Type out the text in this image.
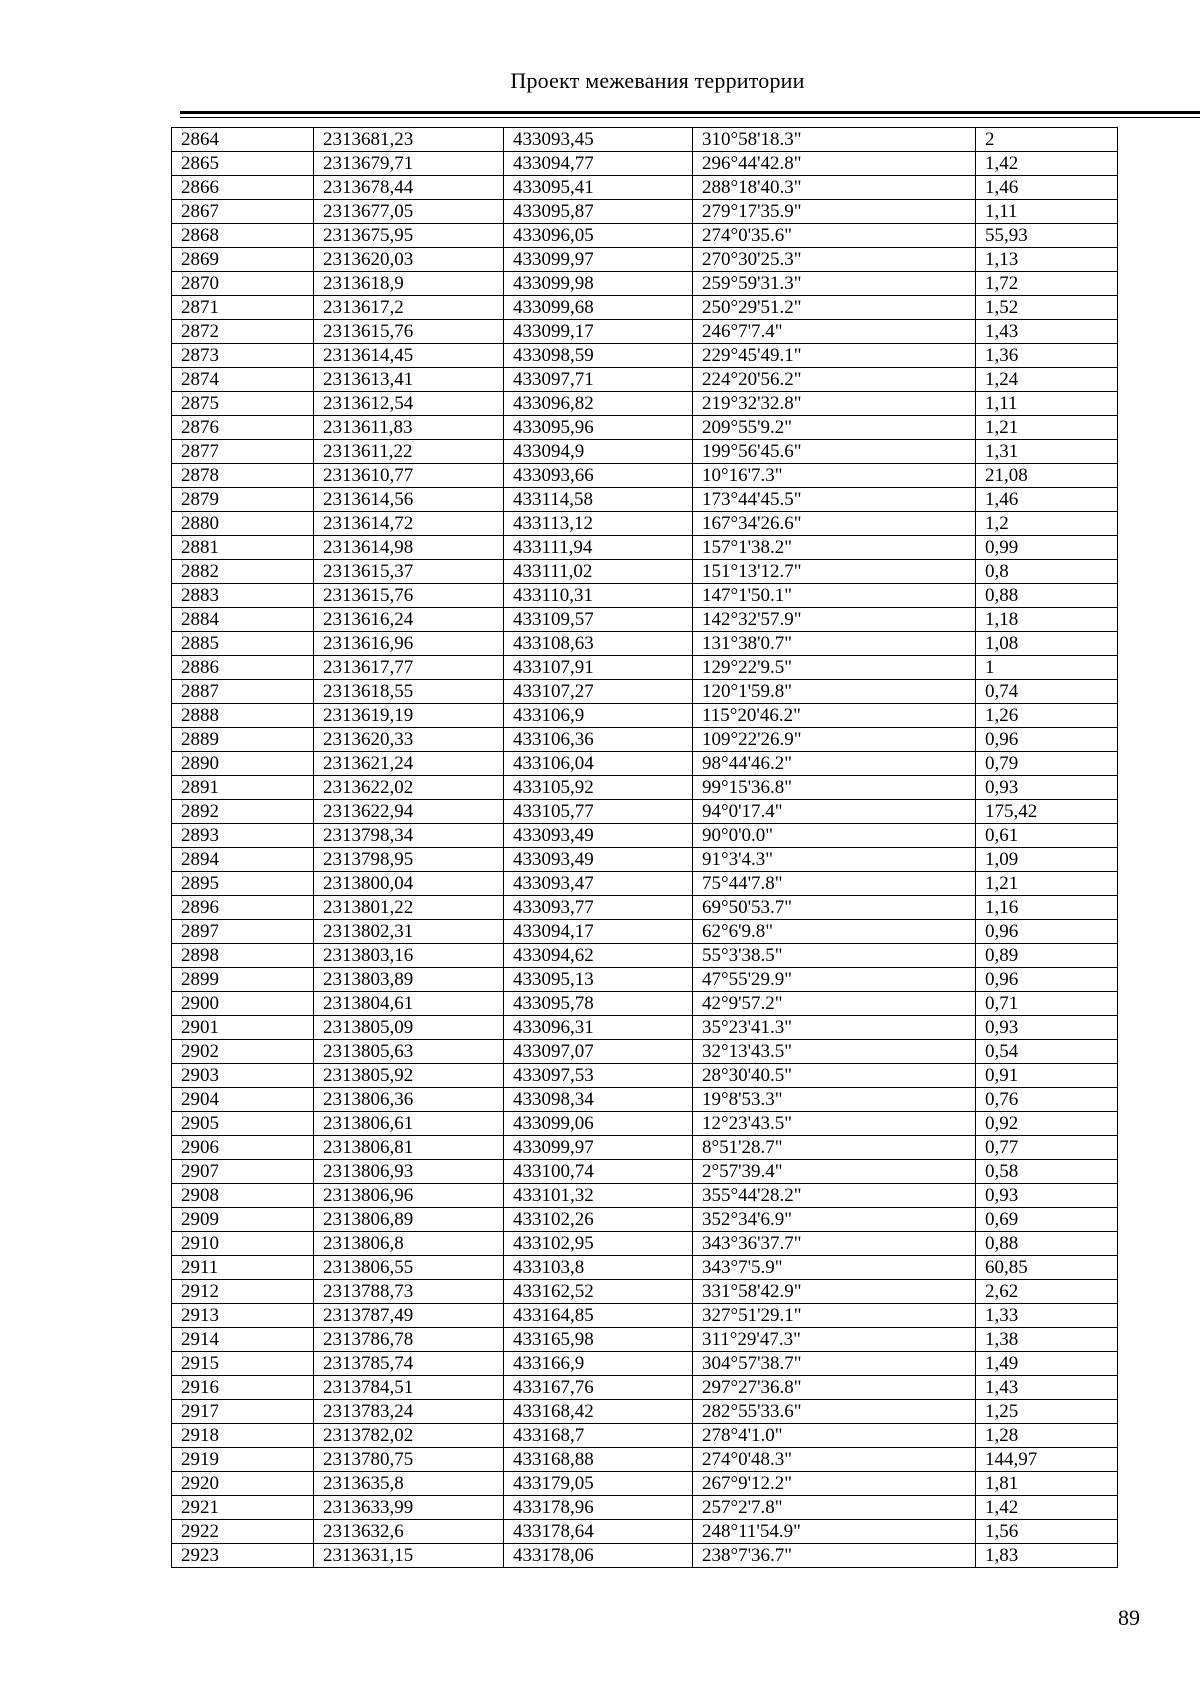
Проект межевания территории
2864	2313681,23	433093,45	310°58'18.3"	2
2865	2313679,71	433094,77	296°44'42.8"	1,42
2866	2313678,44	433095,41	288°18'40.3"	1,46
2867	2313677,05	433095,87	279°17'35.9"	1,11
2868	2313675,95	433096,05	274°0'35.6"	55,93
2869	2313620,03	433099,97	270°30'25.3"	1,13
2870	2313618,9	433099,98	259°59'31.3"	1,72
2871	2313617,2	433099,68	250°29'51.2"	1,52
2872	2313615,76	433099,17	246°7'7.4"	1,43
2873	2313614,45	433098,59	229°45'49.1"	1,36
2874	2313613,41	433097,71	224°20'56.2"	1,24
2875	2313612,54	433096,82	219°32'32.8"	1,11
2876	2313611,83	433095,96	209°55'9.2"	1,21
2877	2313611,22	433094,9	199°56'45.6"	1,31
2878	2313610,77	433093,66	10°16'7.3"	21,08
2879	2313614,56	433114,58	173°44'45.5"	1,46
2880	2313614,72	433113,12	167°34'26.6"	1,2
2881	2313614,98	433111,94	157°1'38.2"	0,99
2882	2313615,37	433111,02	151°13'12.7"	0,8
2883	2313615,76	433110,31	147°1'50.1"	0,88
2884	2313616,24	433109,57	142°32'57.9"	1,18
2885	2313616,96	433108,63	131°38'0.7"	1,08
2886	2313617,77	433107,91	129°22'9.5"	1
2887	2313618,55	433107,27	120°1'59.8"	0,74
2888	2313619,19	433106,9	115°20'46.2"	1,26
2889	2313620,33	433106,36	109°22'26.9"	0,96
2890	2313621,24	433106,04	98°44'46.2"	0,79
2891	2313622,02	433105,92	99°15'36.8"	0,93
2892	2313622,94	433105,77	94°0'17.4"	175,42
2893	2313798,34	433093,49	90°0'0.0"	0,61
2894	2313798,95	433093,49	91°3'4.3"	1,09
2895	2313800,04	433093,47	75°44'7.8"	1,21
2896	2313801,22	433093,77	69°50'53.7"	1,16
2897	2313802,31	433094,17	62°6'9.8"	0,96
2898	2313803,16	433094,62	55°3'38.5"	0,89
2899	2313803,89	433095,13	47°55'29.9"	0,96
2900	2313804,61	433095,78	42°9'57.2"	0,71
2901	2313805,09	433096,31	35°23'41.3"	0,93
2902	2313805,63	433097,07	32°13'43.5"	0,54
2903	2313805,92	433097,53	28°30'40.5"	0,91
2904	2313806,36	433098,34	19°8'53.3"	0,76
2905	2313806,61	433099,06	12°23'43.5"	0,92
2906	2313806,81	433099,97	8°51'28.7"	0,77
2907	2313806,93	433100,74	2°57'39.4"	0,58
2908	2313806,96	433101,32	355°44'28.2"	0,93
2909	2313806,89	433102,26	352°34'6.9"	0,69
2910	2313806,8	433102,95	343°36'37.7"	0,88
2911	2313806,55	433103,8	343°7'5.9"	60,85
2912	2313788,73	433162,52	331°58'42.9"	2,62
2913	2313787,49	433164,85	327°51'29.1"	1,33
2914	2313786,78	433165,98	311°29'47.3"	1,38
2915	2313785,74	433166,9	304°57'38.7"	1,49
2916	2313784,51	433167,76	297°27'36.8"	1,43
2917	2313783,24	433168,42	282°55'33.6"	1,25
2918	2313782,02	433168,7	278°4'1.0"	1,28
2919	2313780,75	433168,88	274°0'48.3"	144,97
2920	2313635,8	433179,05	267°9'12.2"	1,81
2921	2313633,99	433178,96	257°2'7.8"	1,42
2922	2313632,6	433178,64	248°11'54.9"	1,56
2923	2313631,15	433178,06	238°7'36.7"	1,83
89
